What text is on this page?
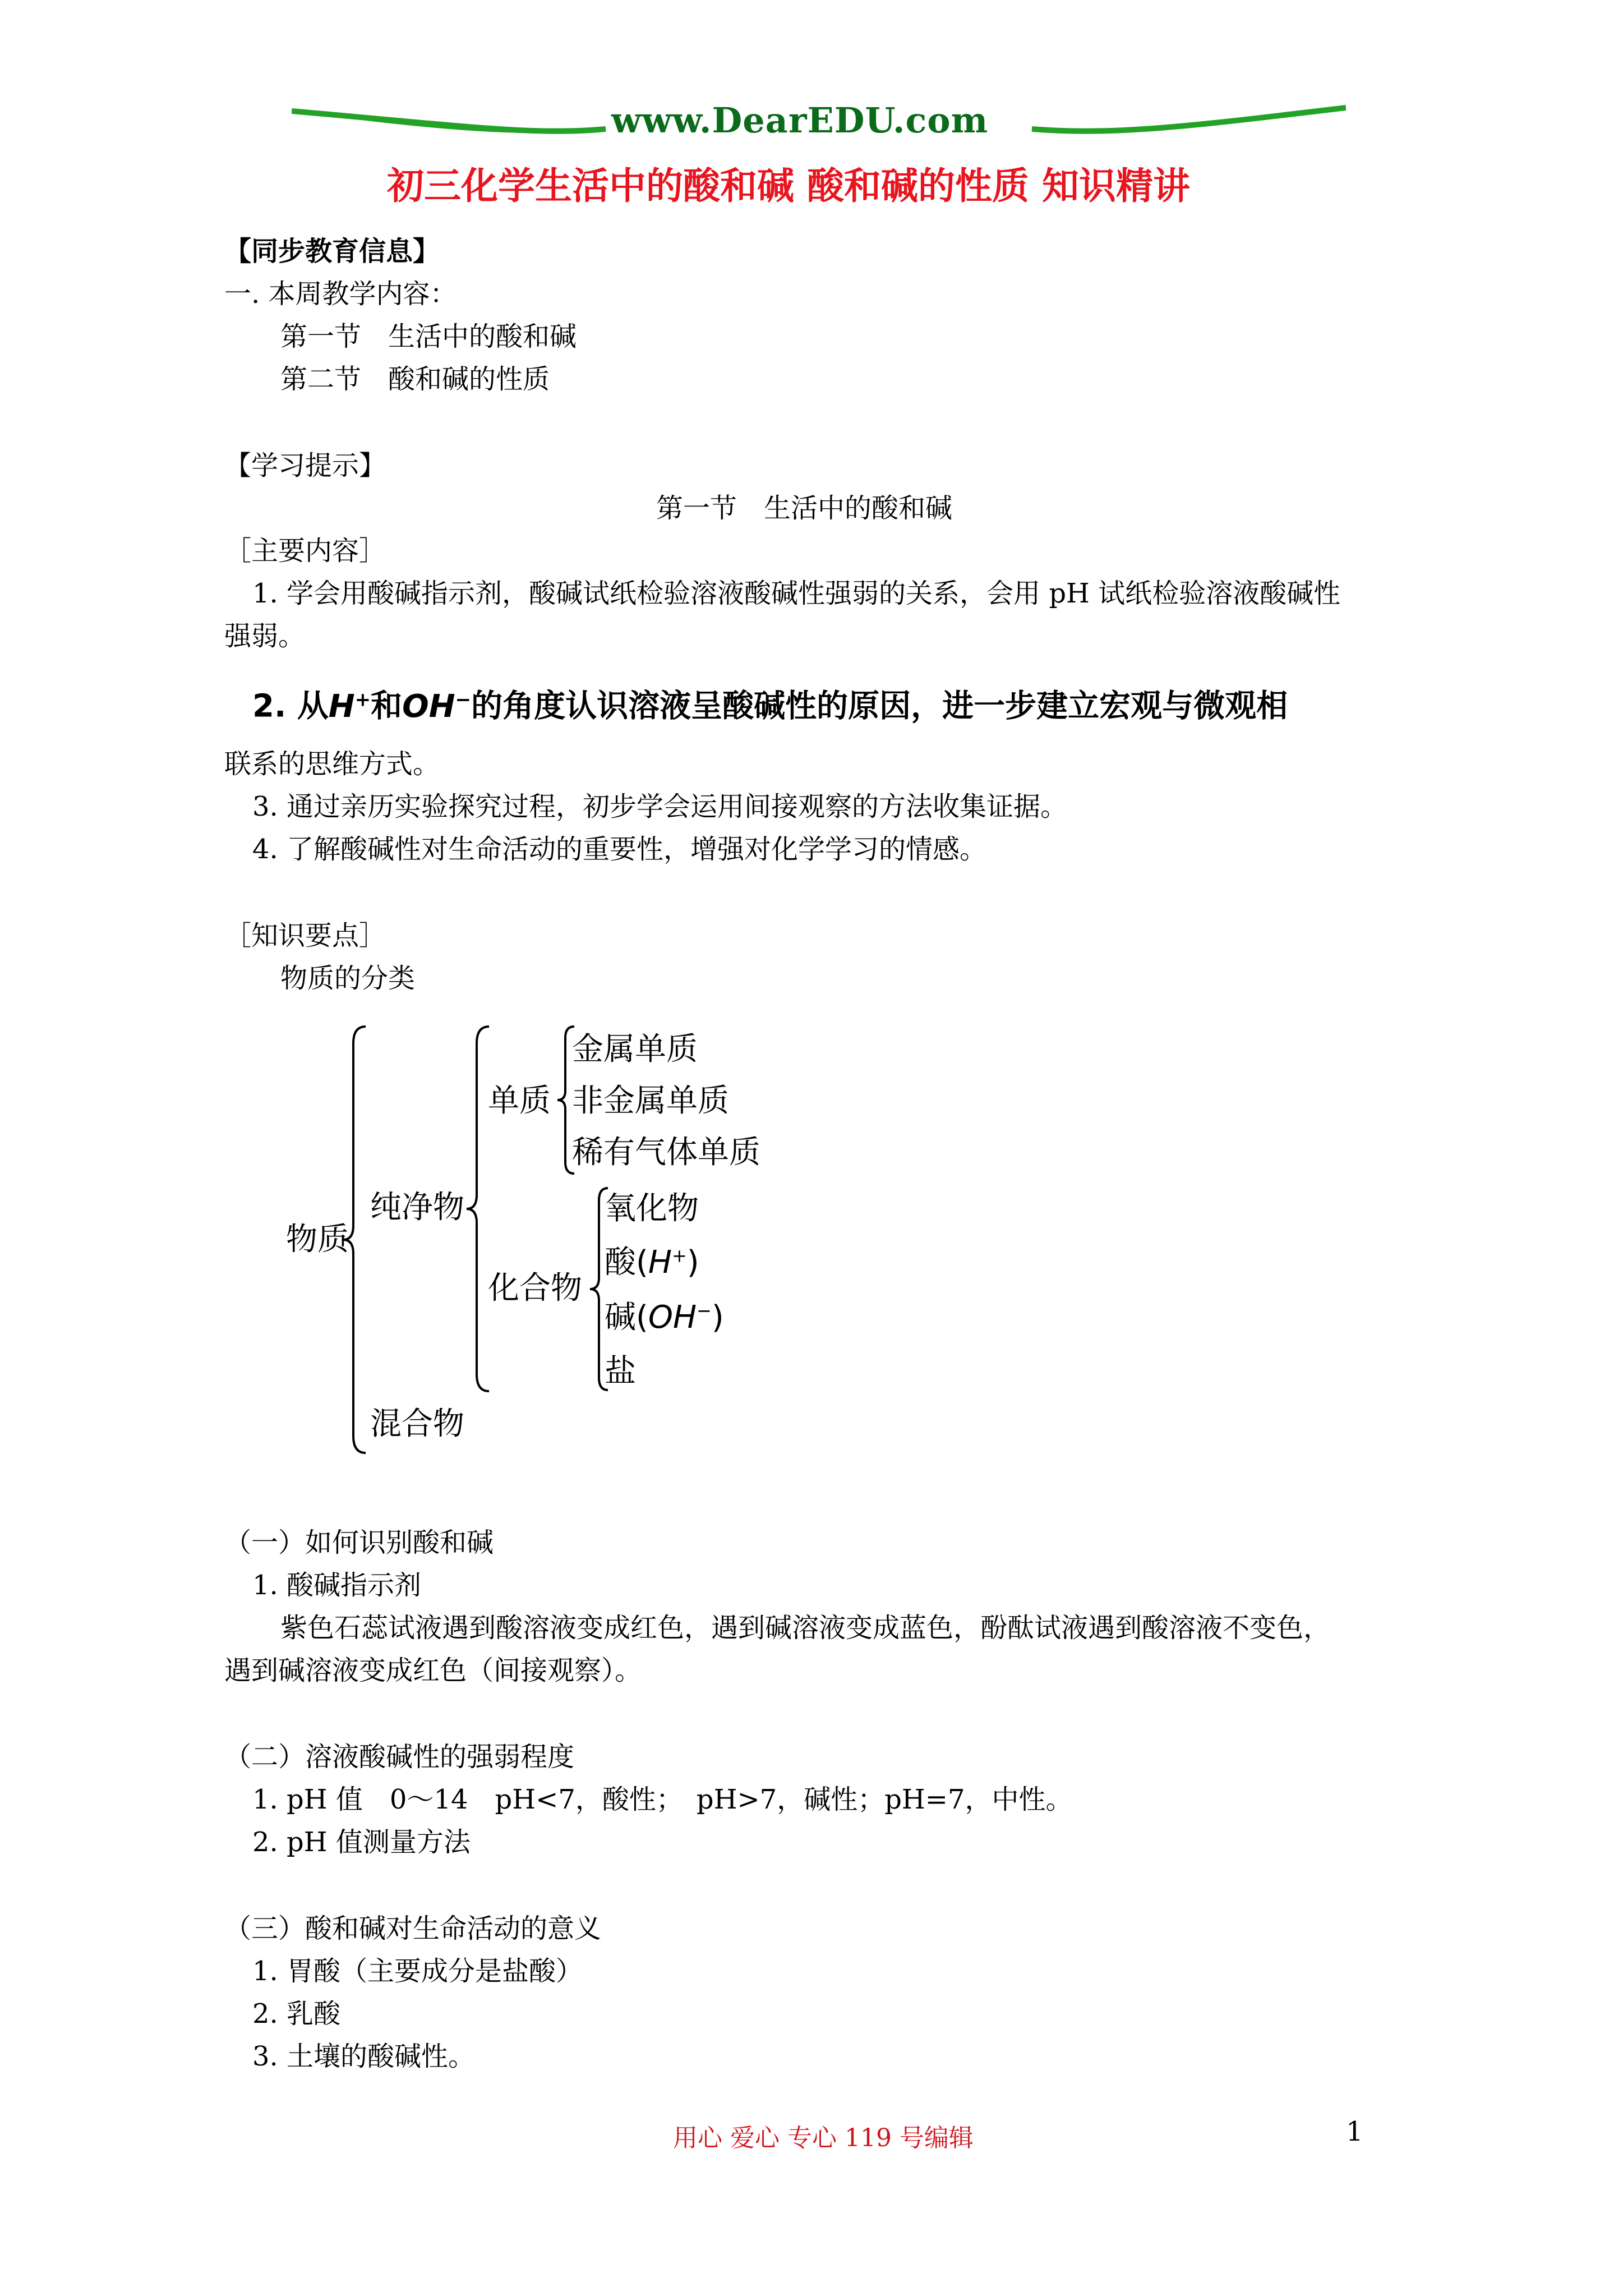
www.DearEDU.com
初三化学生活中的酸和碱 酸和碱的性质 知识精讲
【同步教育信息】
一. 本周教学内容：
第一节　生活中的酸和碱
第二节　酸和碱的性质
【学习提示】
第一节　生活中的酸和碱
［主要内容］
1. 学会用酸碱指示剂，酸碱试纸检验溶液酸碱性强弱的关系，会用 pH 试纸检验溶液酸碱性
强弱。
2. 从H+和OH−的角度认识溶液呈酸碱性的原因，进一步建立宏观与微观相
联系的思维方式。
3. 通过亲历实验探究过程，初步学会运用间接观察的方法收集证据。
4. 了解酸碱性对生命活动的重要性，增强对化学学习的情感。
［知识要点］
物质的分类
物质
纯净物
混合物
单质
化合物
金属单质
非金属单质
稀有气体单质
氧化物
酸(H+)
碱(OH−)
盐
（一）如何识别酸和碱
1. 酸碱指示剂
紫色石蕊试液遇到酸溶液变成红色，遇到碱溶液变成蓝色，酚酞试液遇到酸溶液不变色，
遇到碱溶液变成红色（间接观察）。
（二）溶液酸碱性的强弱程度
1. pH 值　0～14　pH<7，酸性；　pH>7，碱性；pH=7，中性。
2. pH 值测量方法
（三）酸和碱对生命活动的意义
1. 胃酸（主要成分是盐酸）
2. 乳酸
3. 土壤的酸碱性。
用心 爱心 专心 119 号编辑	1
